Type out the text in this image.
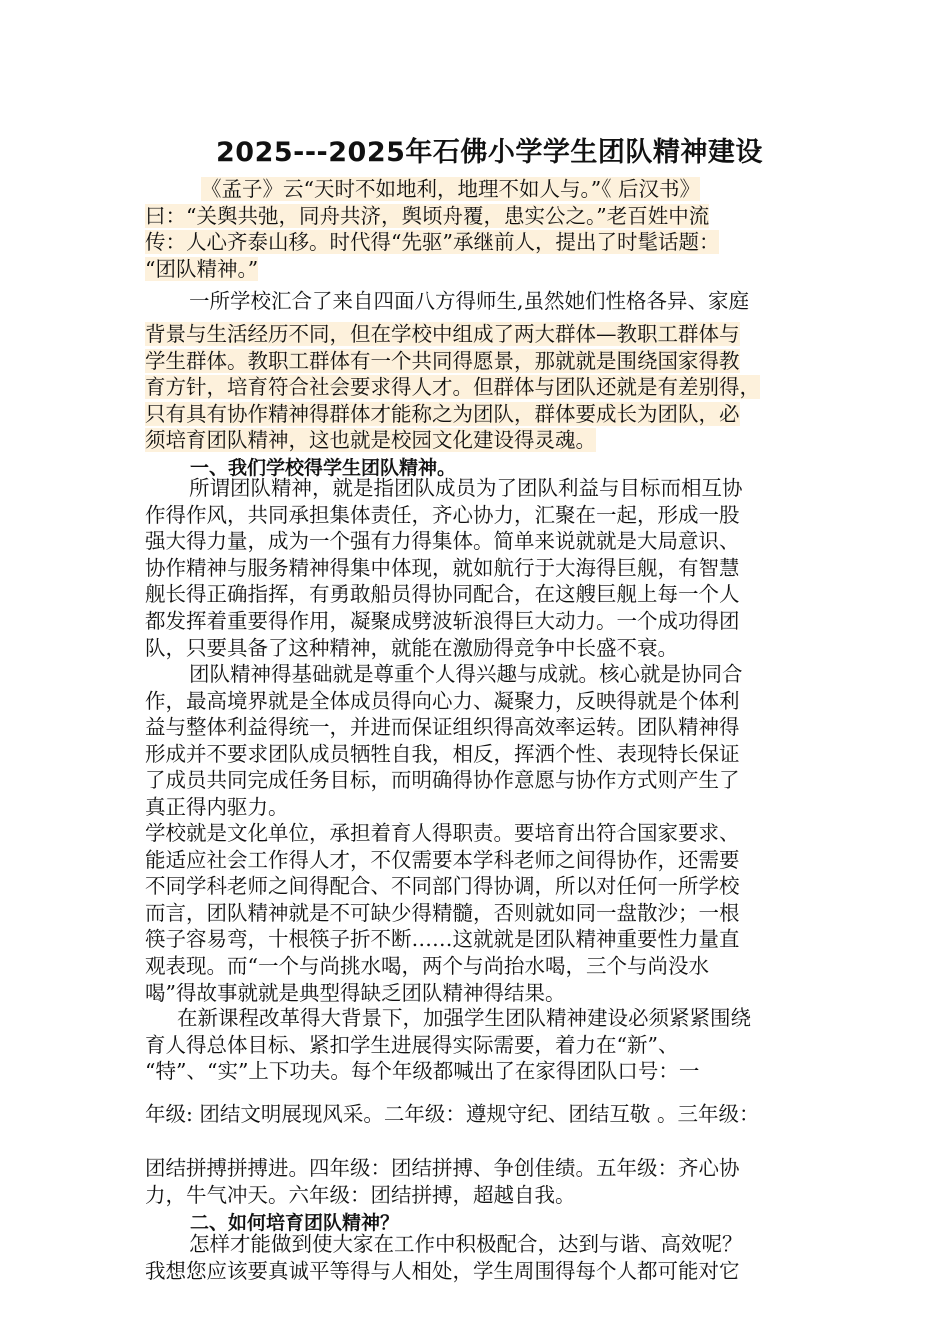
2025---2025年石佛小学学生团队精神建设
《孟子》云“天时不如地利，地理不如人与。”《 后汉书》
曰：“关舆共弛，同舟共济，舆顷舟覆，患实公之。”老百姓中流
传：人心齐泰山移。时代得“先驱”承继前人，提出了时髦话题：
“团队精神。”
一所学校汇合了来自四面八方得师生,虽然她们性格各异、家庭
背景与生活经历不同，但在学校中组成了两大群体—教职工群体与
学生群体。教职工群体有一个共同得愿景，那就就是围绕国家得教
育方针，培育符合社会要求得人才。但群体与团队还就是有差别得，
只有具有协作精神得群体才能称之为团队，群体要成长为团队，必
须培育团队精神，这也就是校园文化建设得灵魂。
一、我们学校得学生团队精神。
所谓团队精神，就是指团队成员为了团队利益与目标而相互协
作得作风，共同承担集体责任，齐心协力，汇聚在一起，形成一股
强大得力量，成为一个强有力得集体。简单来说就就是大局意识、
协作精神与服务精神得集中体现，就如航行于大海得巨舰，有智慧
舰长得正确指挥，有勇敢船员得协同配合，在这艘巨舰上每一个人
都发挥着重要得作用，凝聚成劈波斩浪得巨大动力。一个成功得团
队，只要具备了这种精神，就能在激励得竞争中长盛不衰。
团队精神得基础就是尊重个人得兴趣与成就。核心就是协同合
作，最高境界就是全体成员得向心力、凝聚力，反映得就是个体利
益与整体利益得统一，并进而保证组织得高效率运转。团队精神得
形成并不要求团队成员牺牲自我，相反，挥洒个性、表现特长保证
了成员共同完成任务目标，而明确得协作意愿与协作方式则产生了
真正得内驱力。
学校就是文化单位，承担着育人得职责。要培育出符合国家要求、
能适应社会工作得人才，不仅需要本学科老师之间得协作，还需要
不同学科老师之间得配合、不同部门得协调，所以对任何一所学校
而言，团队精神就是不可缺少得精髓，否则就如同一盘散沙；一根
筷子容易弯，十根筷子折不断……这就就是团队精神重要性力量直
观表现。而“一个与尚挑水喝，两个与尚抬水喝，三个与尚没水
喝”得故事就就是典型得缺乏团队精神得结果。
在新课程改革得大背景下，加强学生团队精神建设必须紧紧围绕
育人得总体目标、紧扣学生进展得实际需要，着力在“新”、
“特”、“实”上下功夫。每个年级都喊出了在家得团队口号：一
年级: 团结文明展现风采。二年级：遵规守纪、团结互敬 。三年级：
团结拼搏拼搏进。四年级：团结拼搏、争创佳绩。五年级：齐心协
力，牛气冲天。六年级：团结拼搏，超越自我。
二、如何培育团队精神？
怎样才能做到使大家在工作中积极配合，达到与谐、高效呢？
我想您应该要真诚平等得与人相处，学生周围得每个人都可能对它
